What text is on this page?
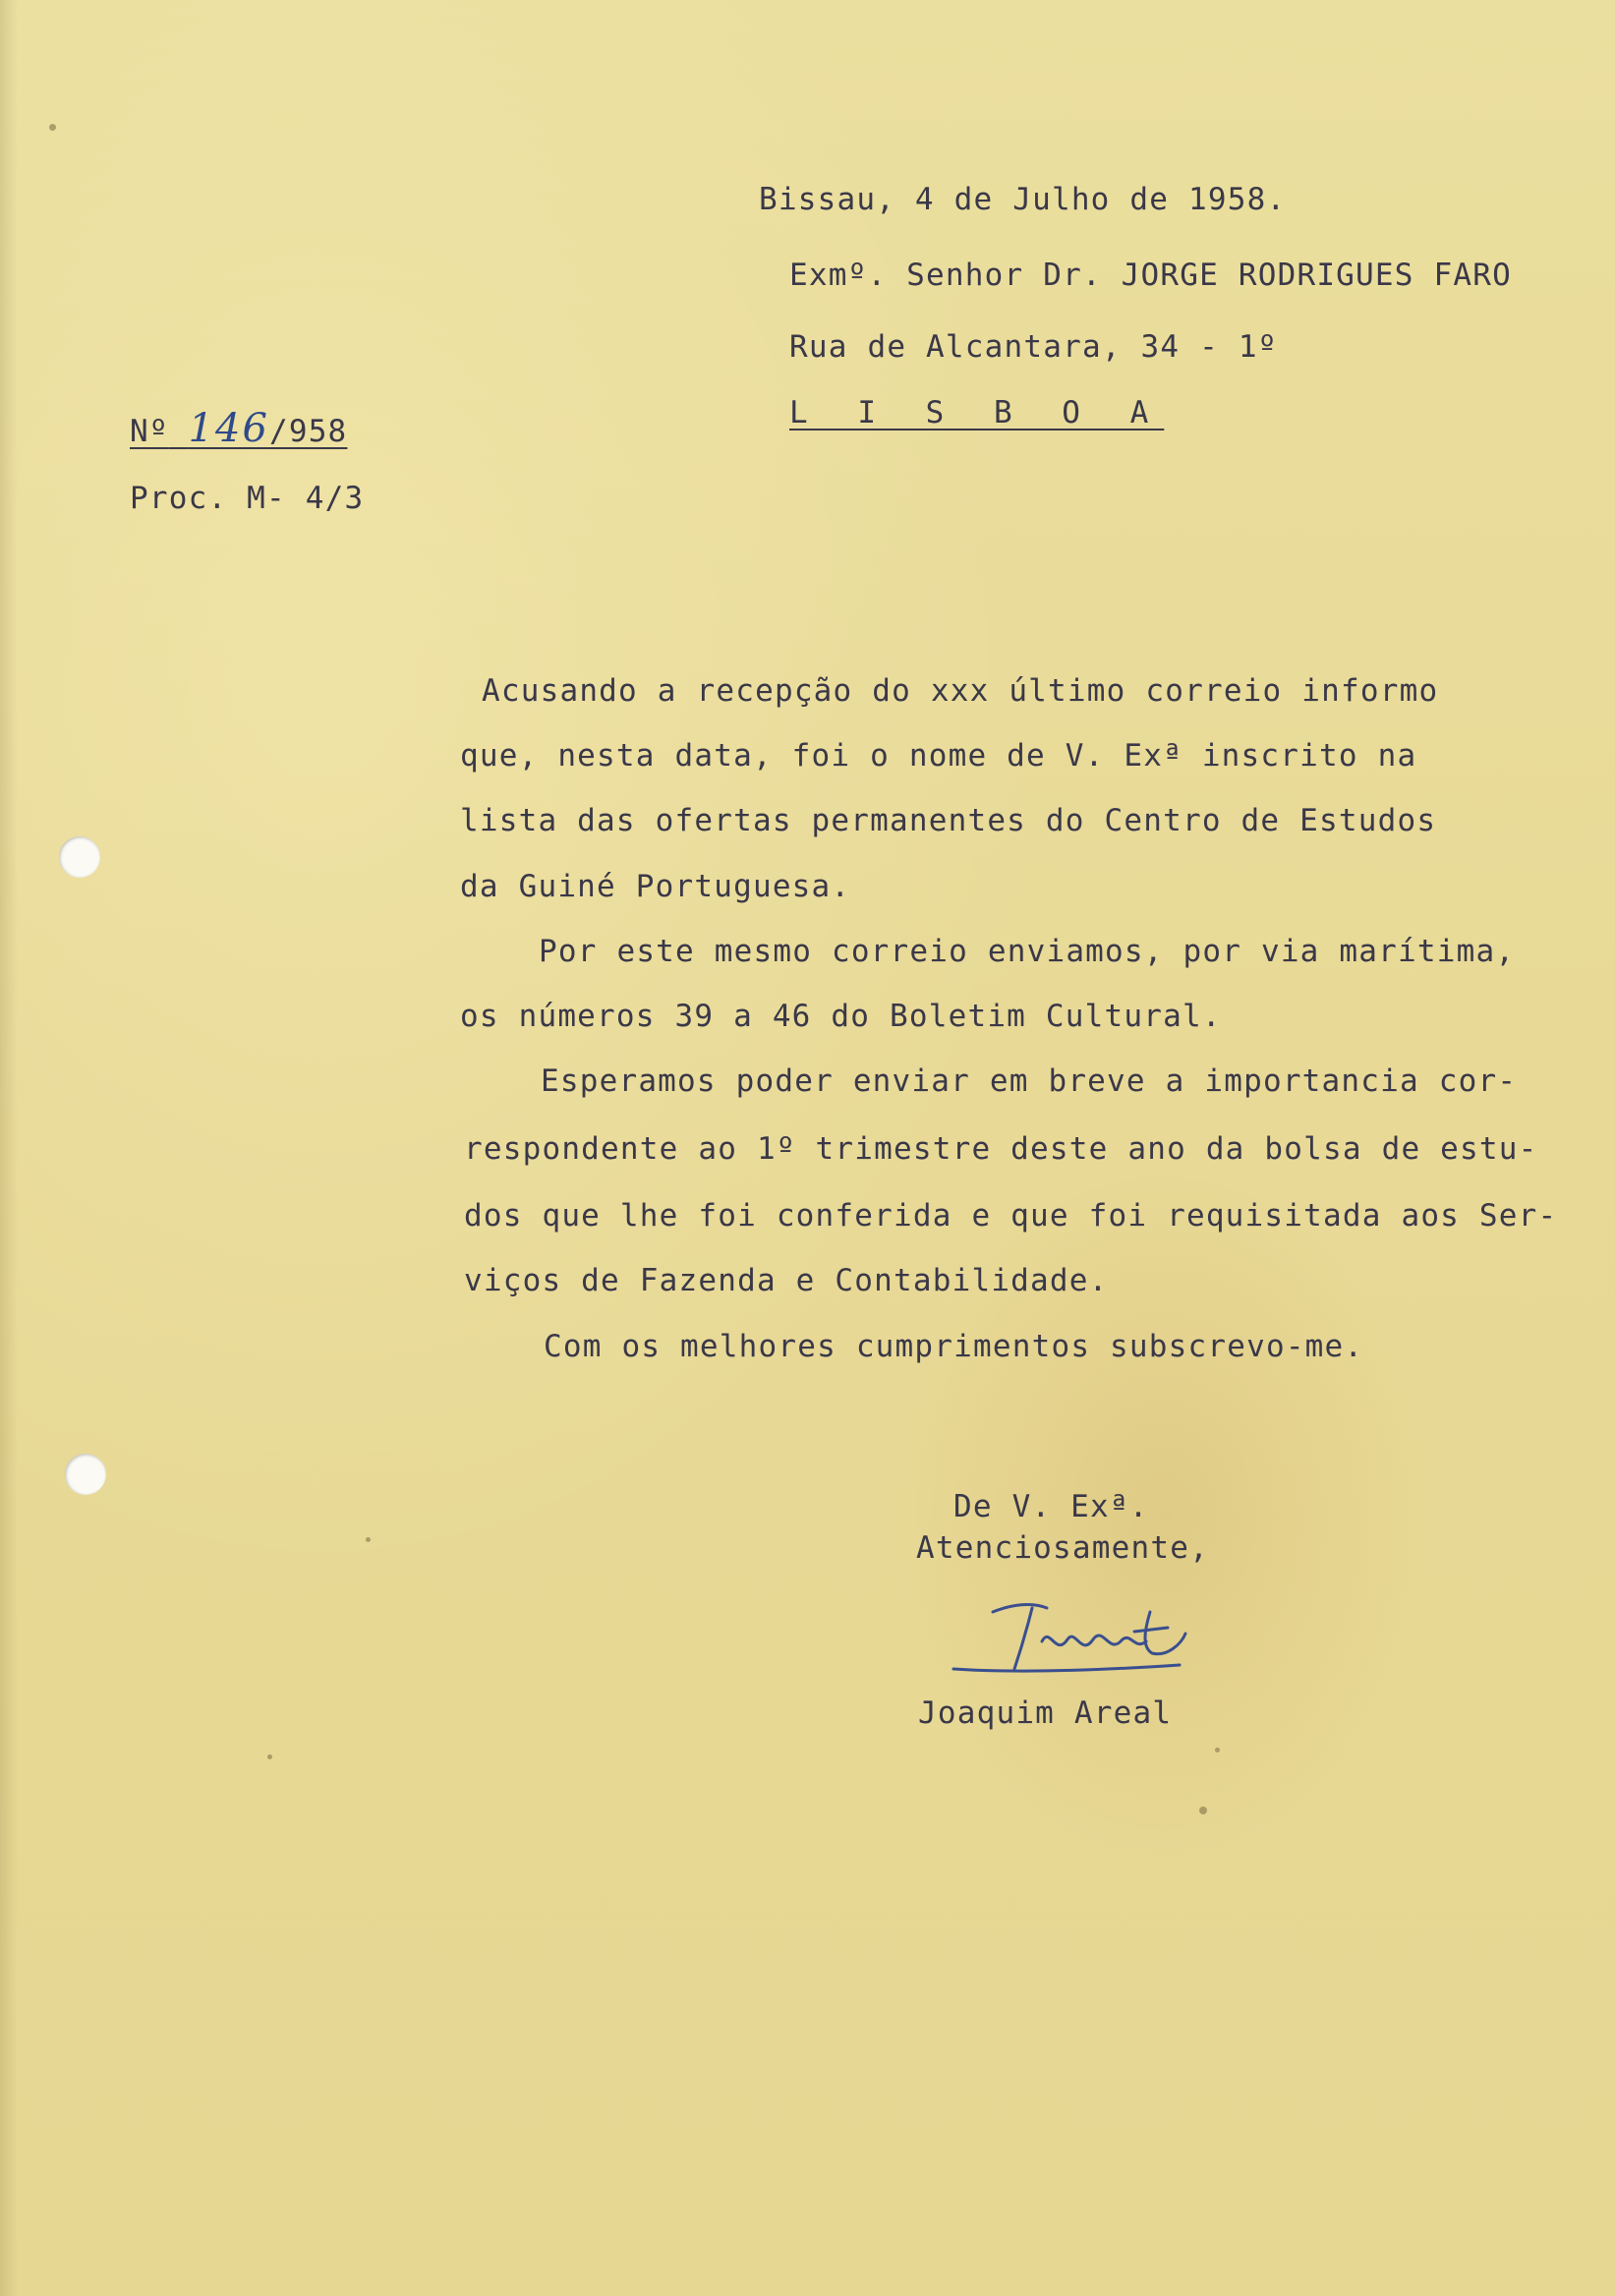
Bissau, 4 de Julho de 1958.
Exmº. Senhor Dr. JORGE RODRIGUES FARO
Rua de Alcantara, 34 - 1º
L I S B O A
Nº 146/958
Proc. M- 4/3
Acusando a recepção do xxx último correio informo
que, nesta data, foi o nome de V. Exª inscrito na
lista das ofertas permanentes do Centro de Estudos
da Guiné Portuguesa.
Por este mesmo correio enviamos, por via marítima,
os números 39 a 46 do Boletim Cultural.
Esperamos poder enviar em breve a importancia cor-
respondente ao 1º trimestre deste ano da bolsa de estu-
dos que lhe foi conferida e que foi requisitada aos Ser-
viços de Fazenda e Contabilidade.
Com os melhores cumprimentos subscrevo-me.
De V. Exª.
Atenciosamente,
Joaquim Areal
